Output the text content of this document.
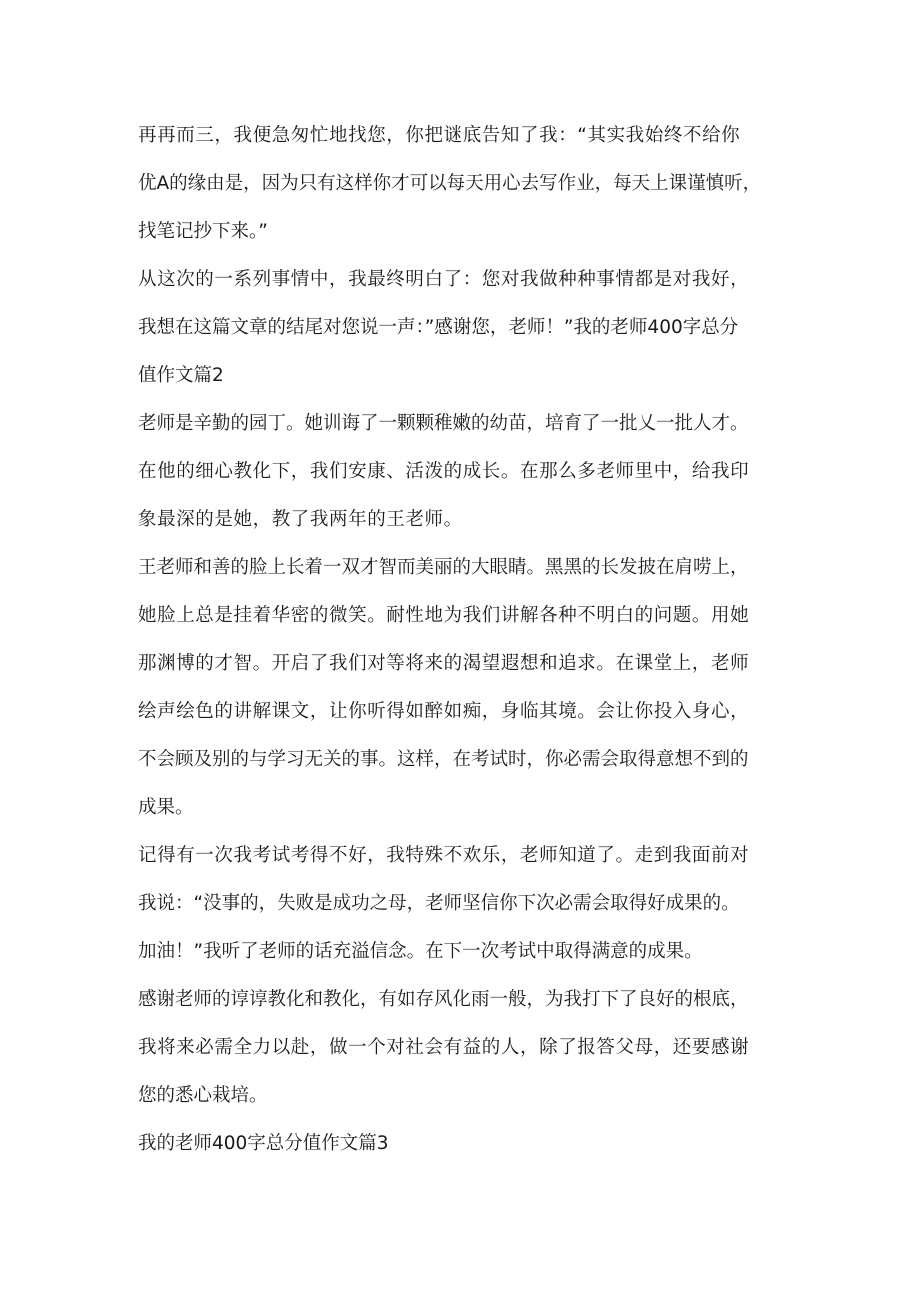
再再而三，我便急匆忙地找您，你把谜底告知了我：“其实我始终不给你
优A的缘由是，因为只有这样你才可以每天用心去写作业，每天上课谨慎听，
找笔记抄下来。”
从这次的一系列事情中，我最终明白了：您对我做种种事情都是对我好，
我想在这篇文章的结尾对您说一声：”感谢您，老师！”我的老师400字总分
值作文篇2
老师是辛勤的园丁。她训诲了一颗颗稚嫩的幼苗，培育了一批乂一批人才。
在他的细心教化下，我们安康、活泼的成长。在那么多老师里中，给我印
象最深的是她，教了我两年的王老师。
王老师和善的脸上长着一双才智而美丽的大眼睛。黑黑的长发披在肩唠上，
她脸上总是挂着华密的微笑。耐性地为我们讲解各种不明白的问题。用她
那渊博的才智。开启了我们对等将来的渴望遐想和追求。在课堂上，老师
绘声绘色的讲解课文，让你听得如醉如痴，身临其境。会让你投入身心，
不会顾及别的与学习无关的事。这样，在考试时，你必需会取得意想不到的
成果。
记得有一次我考试考得不好，我特殊不欢乐，老师知道了。走到我面前对
我说：“没事的，失败是成功之母，老师坚信你下次必需会取得好成果的。
加油！”我听了老师的话充溢信念。在下一次考试中取得满意的成果。
感谢老师的谆谆教化和教化，有如存风化雨一般，为我打下了良好的根底，
我将来必需全力以赴，做一个对社会有益的人，除了报答父母，还要感谢
您的悉心栽培。
我的老师400字总分值作文篇3
